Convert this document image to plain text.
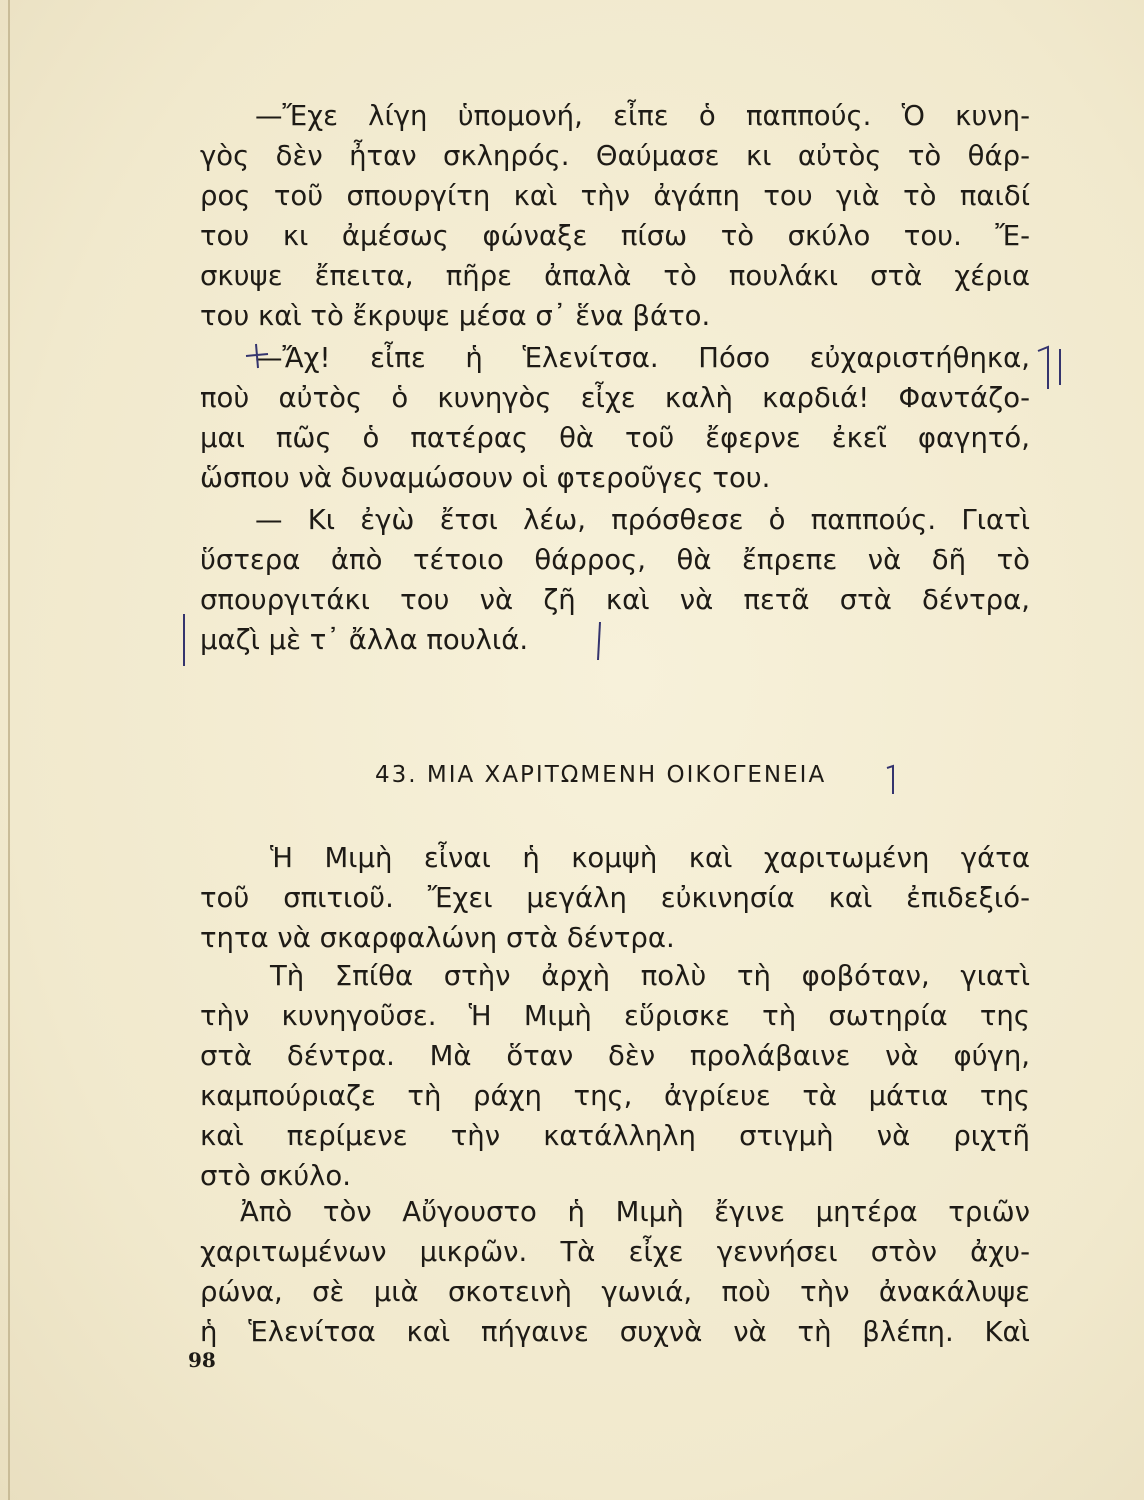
—Ἔχε λίγη ὑπομονή, εἶπε ὁ παππούς. Ὁ κυνη-
γὸς δὲν ἦταν σκληρός. Θαύμασε κι αὐτὸς τὸ θάρ-
ρος τοῦ σπουργίτη καὶ τὴν ἀγάπη του γιὰ τὸ παιδί
του κι ἀμέσως φώναξε πίσω τὸ σκύλο του. Ἔ-
σκυψε ἔπειτα, πῆρε ἀπαλὰ τὸ πουλάκι στὰ χέρια
του καὶ τὸ ἔκρυψε μέσα σ᾿ ἕνα βάτο.
—Ἄχ! εἶπε ἡ Ἑλενίτσα. Πόσο εὐχαριστήθηκα,
ποὺ αὐτὸς ὁ κυνηγὸς εἶχε καλὴ καρδιά! Φαντάζο-
μαι πῶς ὁ πατέρας θὰ τοῦ ἔφερνε ἐκεῖ φαγητό,
ὥσπου νὰ δυναμώσουν οἱ φτεροῦγες του.
— Κι ἐγὼ ἔτσι λέω, πρόσθεσε ὁ παππούς. Γιατὶ
ὕστερα ἀπὸ τέτοιο θάρρος, θὰ ἔπρεπε νὰ δῆ τὸ
σπουργιτάκι του νὰ ζῆ καὶ νὰ πετᾶ στὰ δέντρα,
μαζὶ μὲ τ᾿ ἄλλα πουλιά.
43. ΜΙΑ ΧΑΡΙΤΩΜΕΝΗ ΟΙΚΟΓΕΝΕΙΑ
Ἡ Μιμὴ εἶναι ἡ κομψὴ καὶ χαριτωμένη γάτα
τοῦ σπιτιοῦ. Ἔχει μεγάλη εὐκινησία καὶ ἐπιδεξιό-
τητα νὰ σκαρφαλώνη στὰ δέντρα.
Τὴ Σπίθα στὴν ἀρχὴ πολὺ τὴ φοβόταν, γιατὶ
τὴν κυνηγοῦσε. Ἡ Μιμὴ εὕρισκε τὴ σωτηρία της
στὰ δέντρα. Μὰ ὅταν δὲν προλάβαινε νὰ φύγη,
καμπούριαζε τὴ ράχη της, ἀγρίευε τὰ μάτια της
καὶ περίμενε τὴν κατάλληλη στιγμὴ νὰ ριχτῆ
στὸ σκύλο.
Ἀπὸ τὸν Αὔγουστο ἡ Μιμὴ ἔγινε μητέρα τριῶν
χαριτωμένων μικρῶν. Τὰ εἶχε γεννήσει στὸν ἀχυ-
ρώνα, σὲ μιὰ σκοτεινὴ γωνιά, ποὺ τὴν ἀνακάλυψε
ἡ Ἑλενίτσα καὶ πήγαινε συχνὰ νὰ τὴ βλέπη. Καὶ
98
